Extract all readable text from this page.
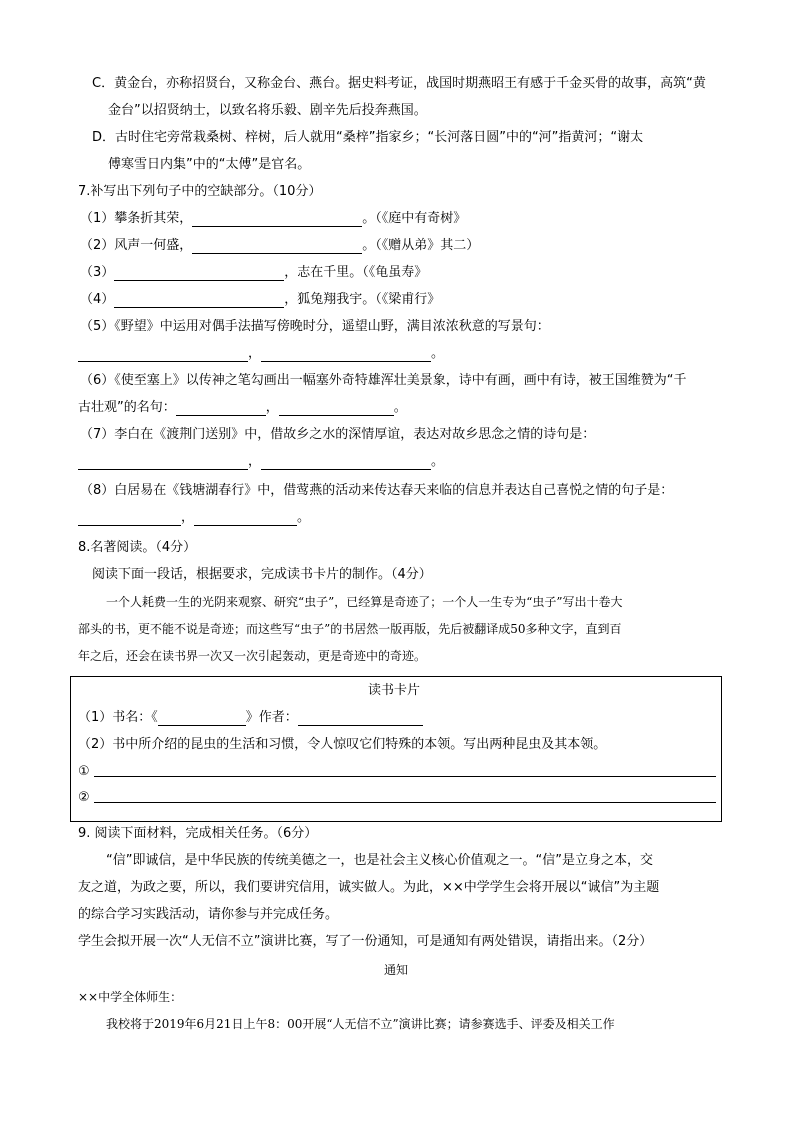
C．黄金台，亦称招贤台，又称金台、燕台。据史料考证，战国时期燕昭王有感于千金买骨的故事，高筑“黄
金台”以招贤纳士，以致名将乐毅、剧辛先后投奔燕国。
D．古时住宅旁常栽桑树、梓树，后人就用“桑梓”指家乡；“长河落日圆”中的“河”指黄河；“谢太
傅寒雪日内集”中的“太傅”是官名。
7.补写出下列句子中的空缺部分。（10分）
（1）攀条折其荣，	。（《庭中有奇树》
（2）风声一何盛，	。（《赠从弟》其二）
（3）	，志在千里。（《龟虽寿》
（4）	，狐兔翔我宇。（《梁甫行》
（5）《野望》中运用对偶手法描写傍晚时分，遥望山野，满目浓浓秋意的写景句：
，	。
（6）《使至塞上》以传神之笔勾画出一幅塞外奇特雄浑壮美景象，诗中有画，画中有诗，被王国维赞为“千
古壮观”的名句：	，	。
（7）李白在《渡荆门送别》中，借故乡之水的深情厚谊，表达对故乡思念之情的诗句是：
，	。
（8）白居易在《钱塘湖春行》中，借莺燕的活动来传达春天来临的信息并表达自己喜悦之情的句子是：
，	。
8.名著阅读。（4分）
阅读下面一段话，根据要求，完成读书卡片的制作。（4分）
一个人耗费一生的光阴来观察、研究“虫子”，已经算是奇迹了；一个人一生专为“虫子”写出十卷大
部头的书，更不能不说是奇迹；而这些写“虫子”的书居然一版再版，先后被翻译成50多种文字，直到百
年之后，还会在读书界一次又一次引起轰动，更是奇迹中的奇迹。
读书卡片
（1）书名：《	》作者：
（2）书中所介绍的昆虫的生活和习惯，令人惊叹它们特殊的本领。写出两种昆虫及其本领。
①
②
9. 阅读下面材料，完成相关任务。（6分）
“信”即诚信，是中华民族的传统美德之一，也是社会主义核心价值观之一。“信”是立身之本，交
友之道，为政之要，所以，我们要讲究信用，诚实做人。为此，××中学学生会将开展以“诚信”为主题
的综合学习实践活动，请你参与并完成任务。
学生会拟开展一次“人无信不立”演讲比赛，写了一份通知，可是通知有两处错误，请指出来。（2分）
通知
××中学全体师生：
我校将于2019年6月21日上午8：00开展“人无信不立”演讲比赛；请参赛选手、评委及相关工作
